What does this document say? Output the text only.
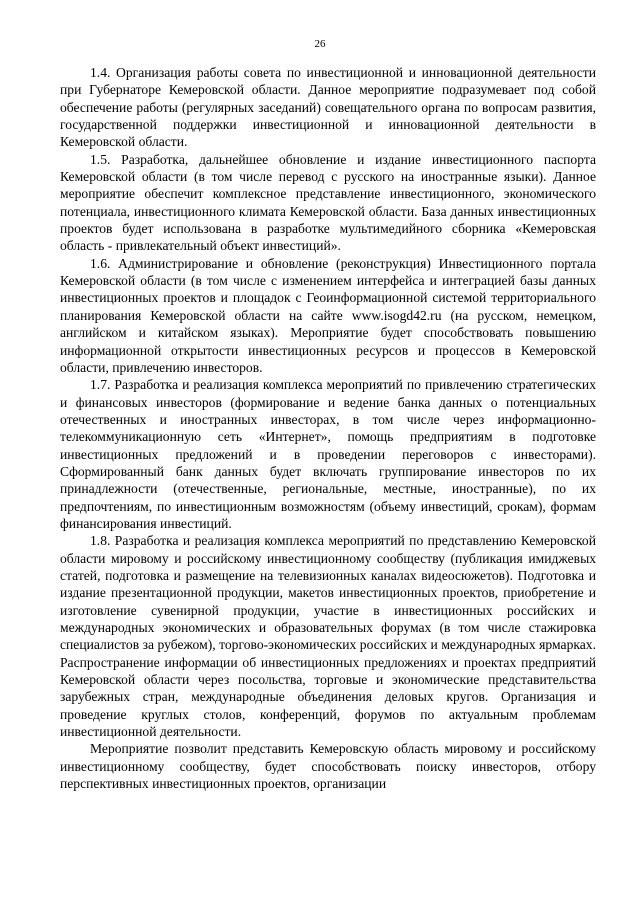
26

1.4. Организация работы совета по инвестиционной и инновационной деятельности при Губернаторе Кемеровской области. Данное мероприятие подразумевает под собой обеспечение работы (регулярных заседаний) совещательного органа по вопросам развития, государственной поддержки инвестиционной и инновационной деятельности в Кемеровской области.

1.5. Разработка, дальнейшее обновление и издание инвестиционного паспорта Кемеровской области (в том числе перевод с русского на иностранные языки). Данное мероприятие обеспечит комплексное представление инвестиционного, экономического потенциала, инвестиционного климата Кемеровской области. База данных инвестиционных проектов будет использована в разработке мультимедийного сборника «Кемеровская область - привлекательный объект инвестиций».

1.6. Администрирование и обновление (реконструкция) Инвестиционного портала Кемеровской области (в том числе с изменением интерфейса и интеграцией базы данных инвестиционных проектов и площадок с Геоинформационной системой территориального планирования Кемеровской области на сайте www.isogd42.ru (на русском, немецком, английском и китайском языках). Мероприятие будет способствовать повышению информационной открытости инвестиционных ресурсов и процессов в Кемеровской области, привлечению инвесторов.

1.7. Разработка и реализация комплекса мероприятий по привлечению стратегических и финансовых инвесторов (формирование и ведение банка данных о потенциальных отечественных и иностранных инвесторах, в том числе через информационно-телекоммуникационную сеть «Интернет», помощь предприятиям в подготовке инвестиционных предложений и в проведении переговоров с инвесторами). Сформированный банк данных будет включать группирование инвесторов по их принадлежности (отечественные, региональные, местные, иностранные), по их предпочтениям, по инвестиционным возможностям (объему инвестиций, срокам), формам финансирования инвестиций.

1.8. Разработка и реализация комплекса мероприятий по представлению Кемеровской области мировому и российскому инвестиционному сообществу (публикация имиджевых статей, подготовка и размещение на телевизионных каналах видеосюжетов). Подготовка и издание презентационной продукции, макетов инвестиционных проектов, приобретение и изготовление сувенирной продукции, участие в инвестиционных российских и международных экономических и образовательных форумах (в том числе стажировка специалистов за рубежом), торгово-экономических российских и международных ярмарках. Распространение информации об инвестиционных предложениях и проектах предприятий Кемеровской области через посольства, торговые и экономические представительства зарубежных стран, международные объединения деловых кругов. Организация и проведение круглых столов, конференций, форумов по актуальным проблемам инвестиционной деятельности.

Мероприятие позволит представить Кемеровскую область мировому и российскому инвестиционному сообществу, будет способствовать поиску инвесторов, отбору перспективных инвестиционных проектов, организации
